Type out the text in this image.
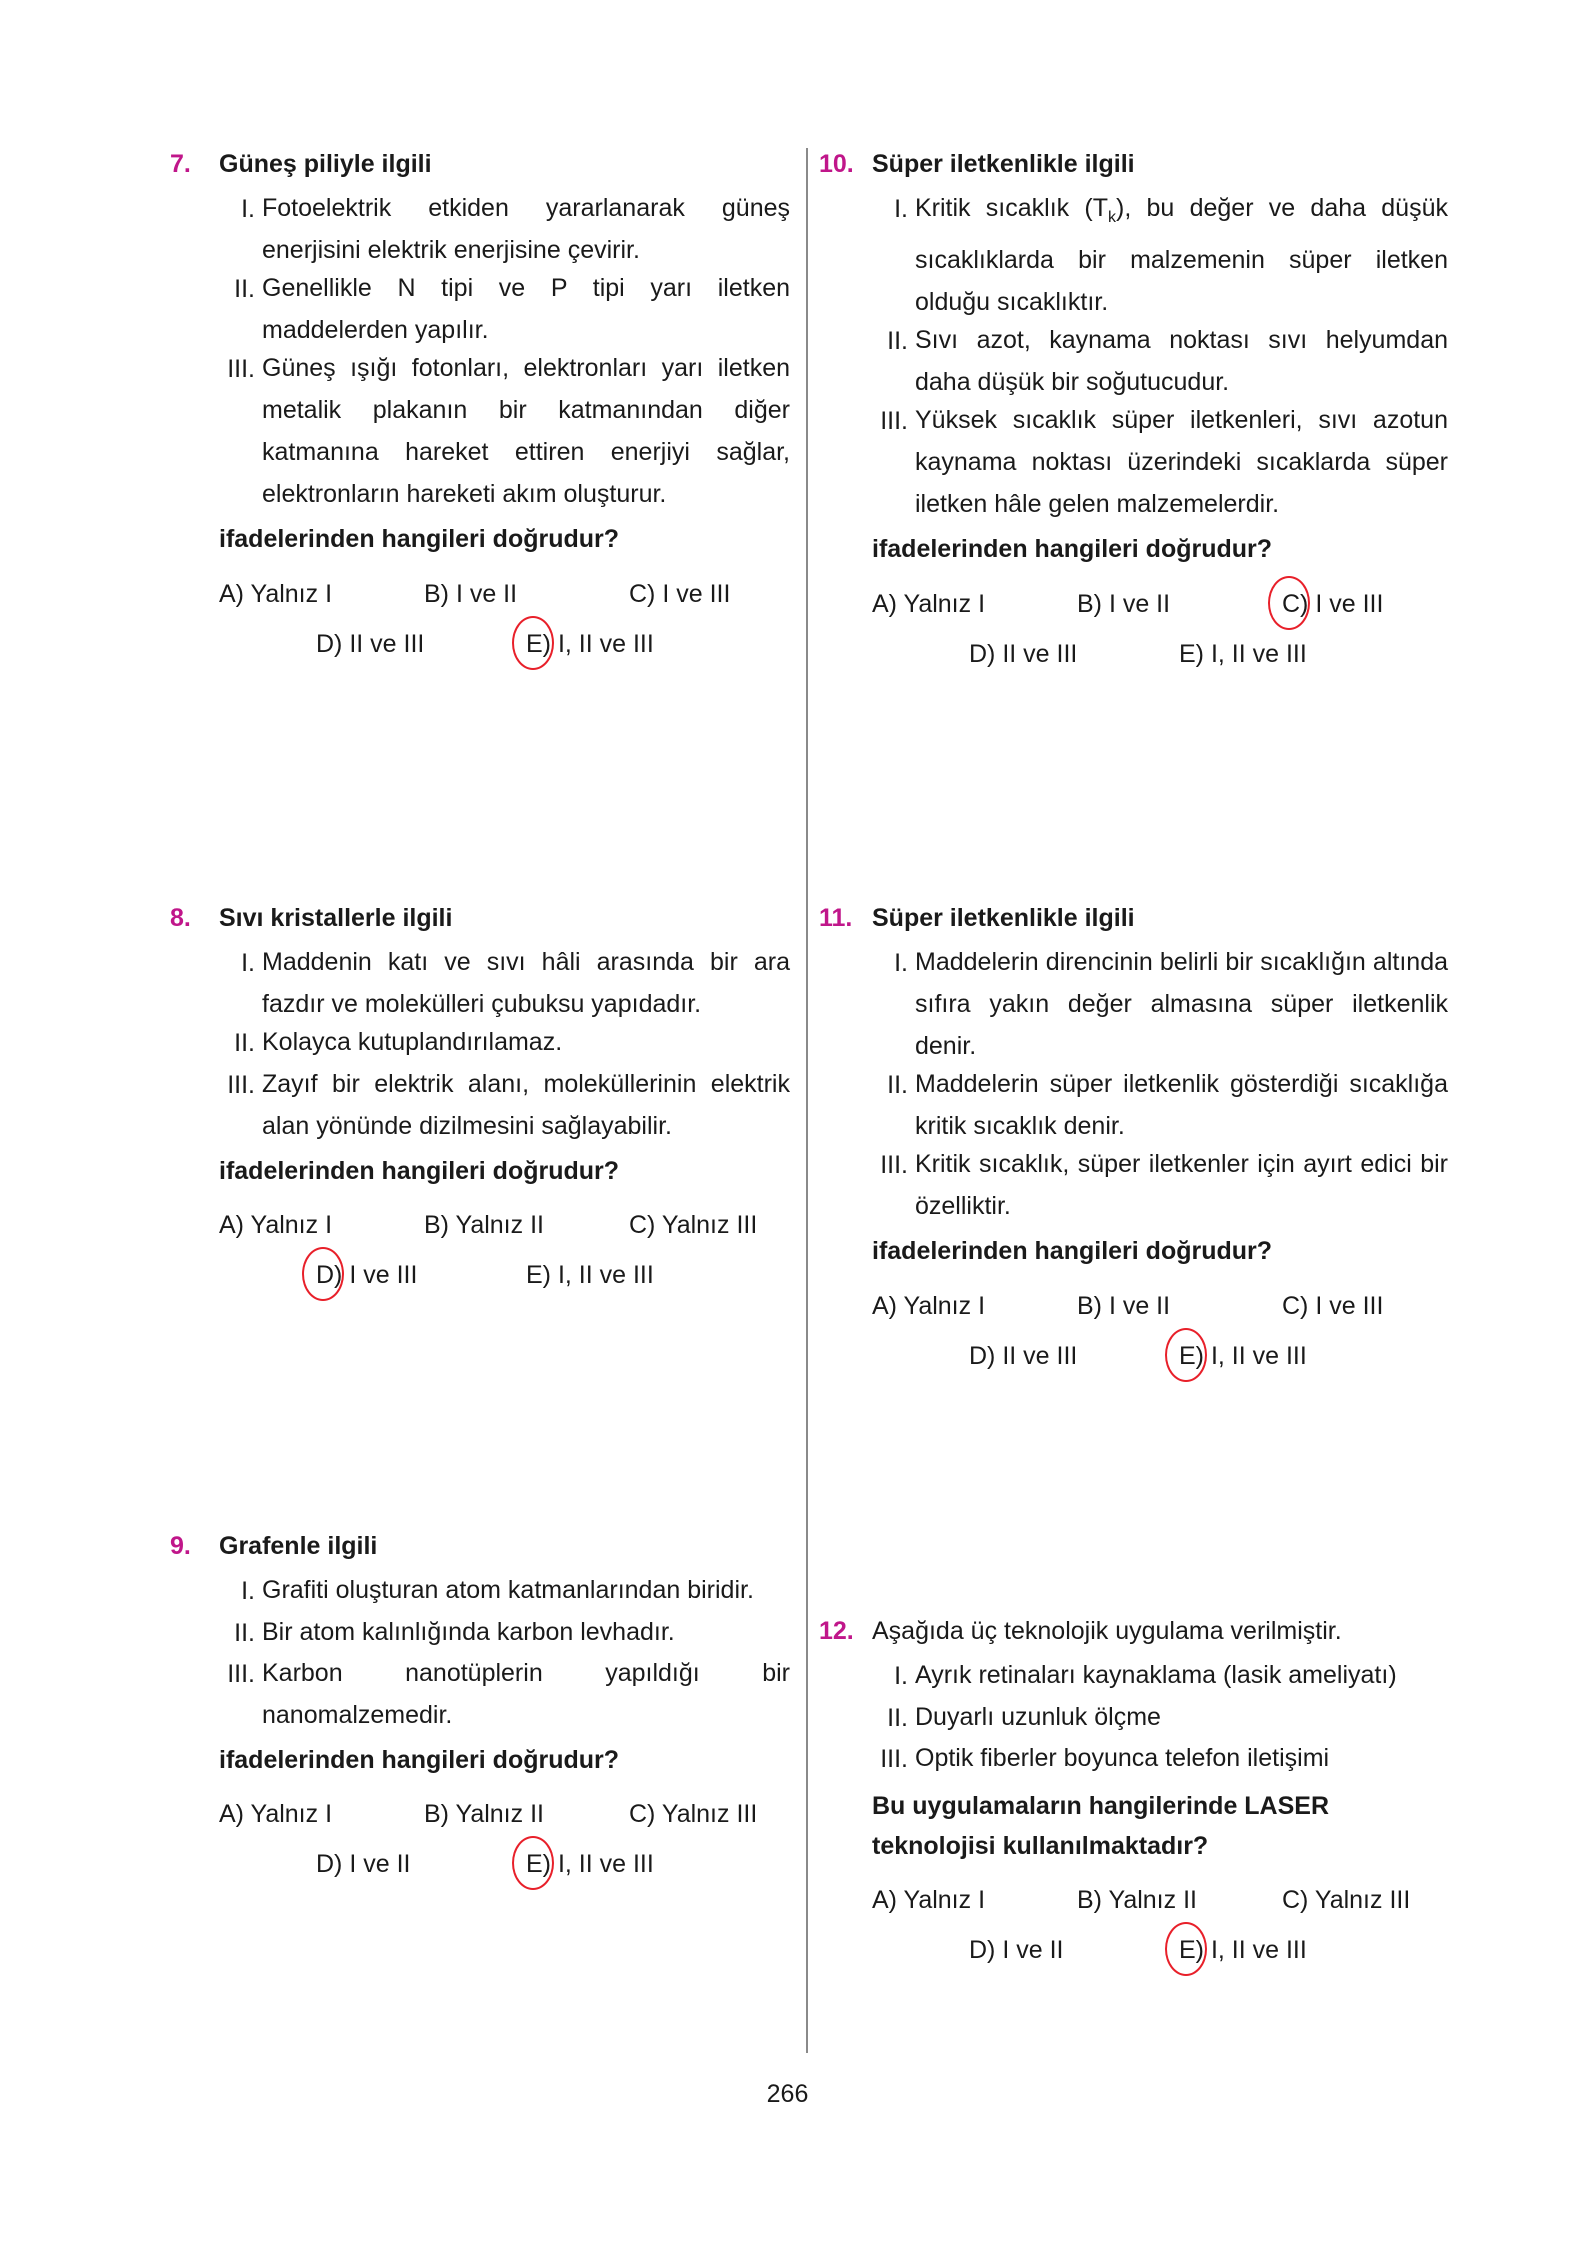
7. Güneş piliyle ilgili
I. Fotoelektrik etkiden yararlanarak güneş enerjisini elektrik enerjisine çevirir.
II. Genellikle N tipi ve P tipi yarı iletken maddelerden yapılır.
III. Güneş ışığı fotonları, elektronları yarı iletken metalik plakanın bir katmanından diğer katmanına hareket ettiren enerjiyi sağlar, elektronların hareketi akım oluşturur.
ifadelerinden hangileri doğrudur?
A) Yalnız I	B) I ve II	C) I ve III
D) II ve III	E) I, II ve III
8. Sıvı kristallerle ilgili
I. Maddenin katı ve sıvı hâli arasında bir ara fazdır ve molekülleri çubuksu yapıdadır.
II. Kolayca kutuplandırılamaz.
III. Zayıf bir elektrik alanı, moleküllerinin elektrik alan yönünde dizilmesini sağlayabilir.
ifadelerinden hangileri doğrudur?
A) Yalnız I	B) Yalnız II	C) Yalnız III
D) I ve III	E) I, II ve III
9. Grafenle ilgili
I. Grafiti oluşturan atom katmanlarından biridir.
II. Bir atom kalınlığında karbon levhadır.
III. Karbon nanotüplerin yapıldığı bir nanomalzemedir.
ifadelerinden hangileri doğrudur?
A) Yalnız I	B) Yalnız II	C) Yalnız III
D) I ve II	E) I, II ve III
10. Süper iletkenlikle ilgili
I. Kritik sıcaklık $(T_k)$, bu değer ve daha düşük sıcaklıklarda bir malzemenin süper iletken olduğu sıcaklıktır.
II. Sıvı azot, kaynama noktası sıvı helyumdan daha düşük bir soğutucudur.
III. Yüksek sıcaklık süper iletkenleri, sıvı azotun kaynama noktası üzerindeki sıcaklarda süper iletken hâle gelen malzemelerdir.
ifadelerinden hangileri doğrudur?
A) Yalnız I	B) I ve II	C) I ve III
D) II ve III	E) I, II ve III
11. Süper iletkenlikle ilgili
I. Maddelerin direncinin belirli bir sıcaklığın altında sıfıra yakın değer almasına süper iletkenlik denir.
II. Maddelerin süper iletkenlik gösterdiği sıcaklığa kritik sıcaklık denir.
III. Kritik sıcaklık, süper iletkenler için ayırt edici bir özelliktir.
ifadelerinden hangileri doğrudur?
A) Yalnız I	B) I ve II	C) I ve III
D) II ve III	E) I, II ve III
12. Aşağıda üç teknolojik uygulama verilmiştir.
I. Ayrık retinaları kaynaklama (lasik ameliyatı)
II. Duyarlı uzunluk ölçme
III. Optik fiberler boyunca telefon iletişimi
Bu uygulamaların hangilerinde LASER teknolojisi kullanılmaktadır?
A) Yalnız I	B) Yalnız II	C) Yalnız III
D) I ve II	E) I, II ve III
266
